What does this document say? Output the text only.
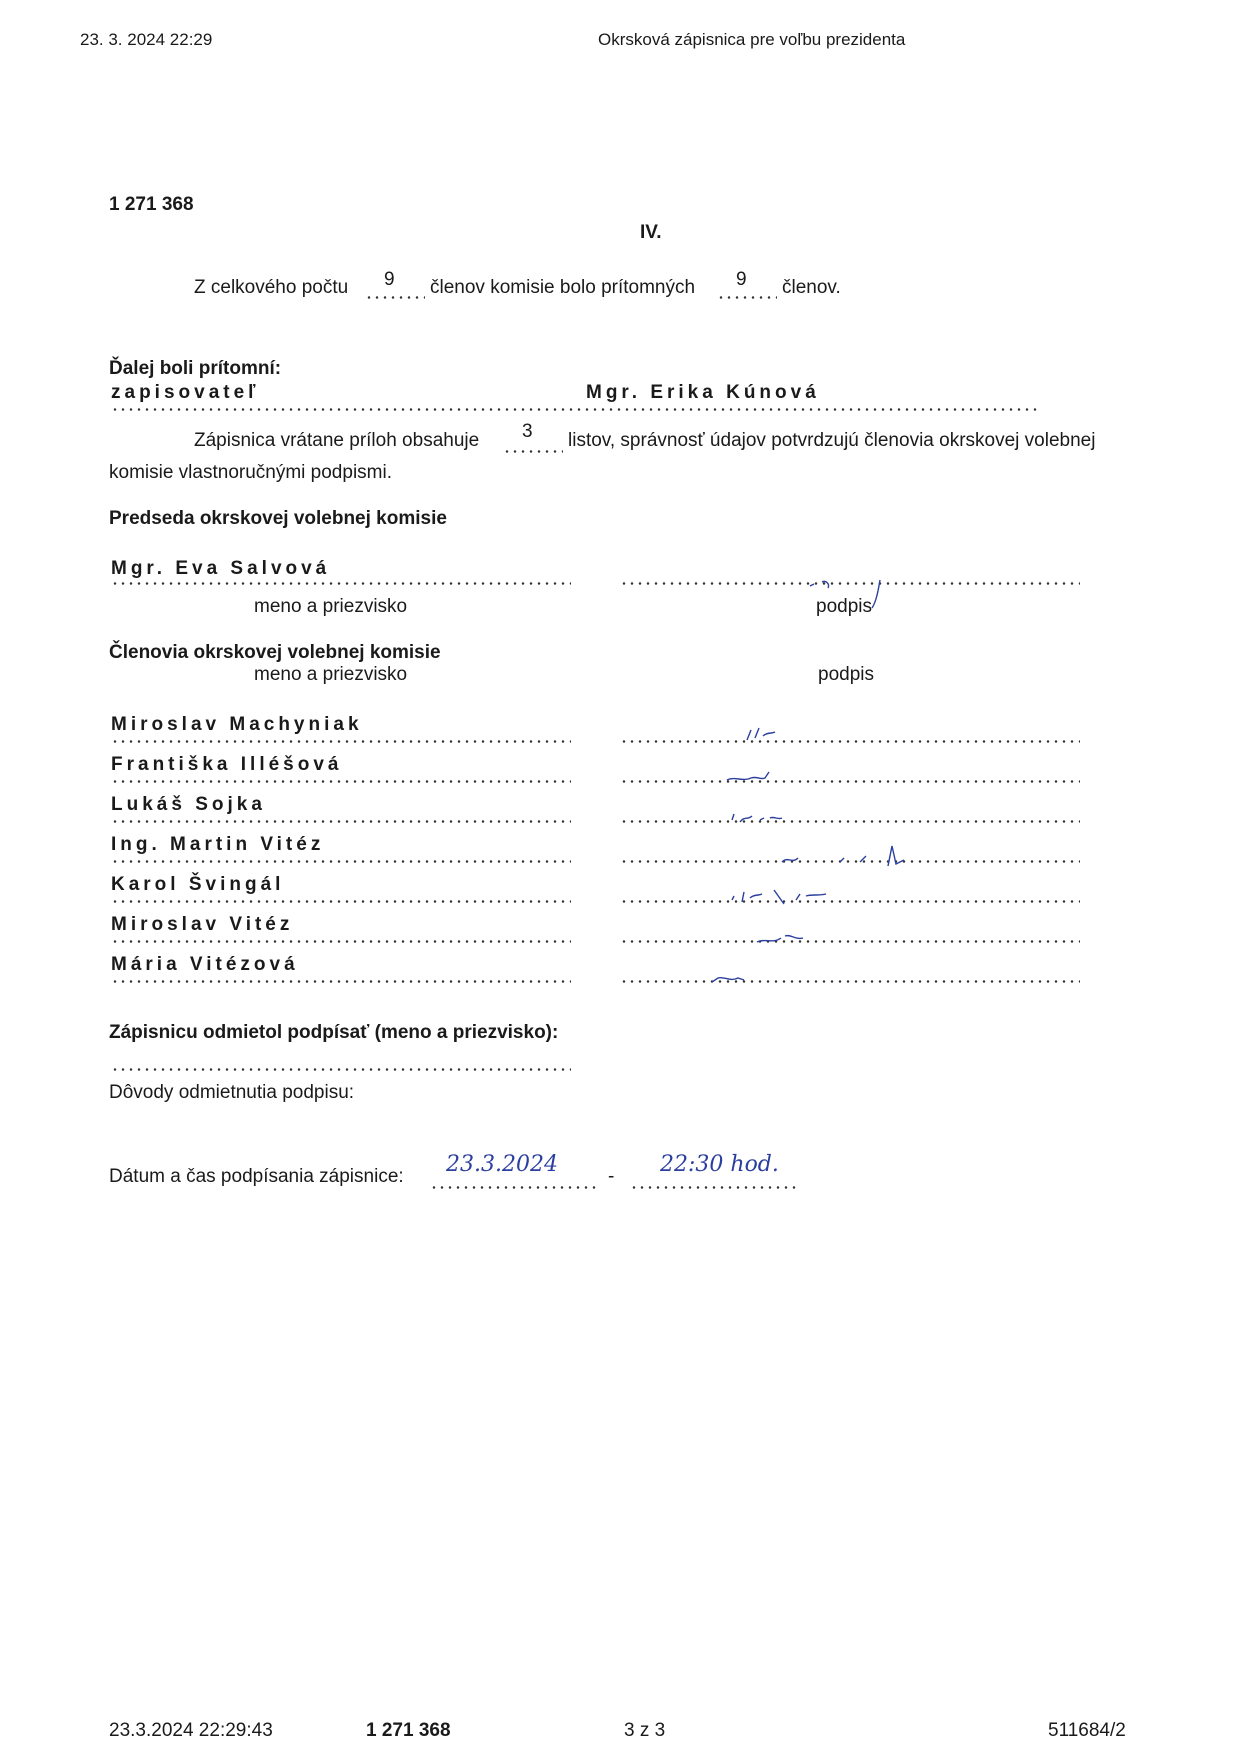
23. 3. 2024 22:29	Okrsková zápisnica pre voľbu prezidenta
1 271 368
IV.
Z celkového počtu 9 členov komisie bolo prítomných 9 členov.
Ďalej boli prítomní:
zapisovateľ	Mgr. Erika Kúnová
Zápisnica vrátane príloh obsahuje 3 listov, správnosť údajov potvrdzujú členovia okrskovej volebnej
komisie vlastnoručnými podpismi.
Predseda okrskovej volebnej komisie
Mgr. Eva Salvová
meno a priezvisko	podpis
Členovia okrskovej volebnej komisie
meno a priezvisko	podpis
Miroslav Machyniak
Františka Illéšová
Lukáš Sojka
Ing. Martin Vitéz
Karol Švingál
Miroslav Vitéz
Mária Vitézová
Zápisnicu odmietol podpísať (meno a priezvisko):
Dôvody odmietnutia podpisu:
Dátum a čas podpísania zápisnice: 23.3.2024	- 22:30 hod.
23.3.2024 22:29:43	1 271 368	3 z 3	511684/2
